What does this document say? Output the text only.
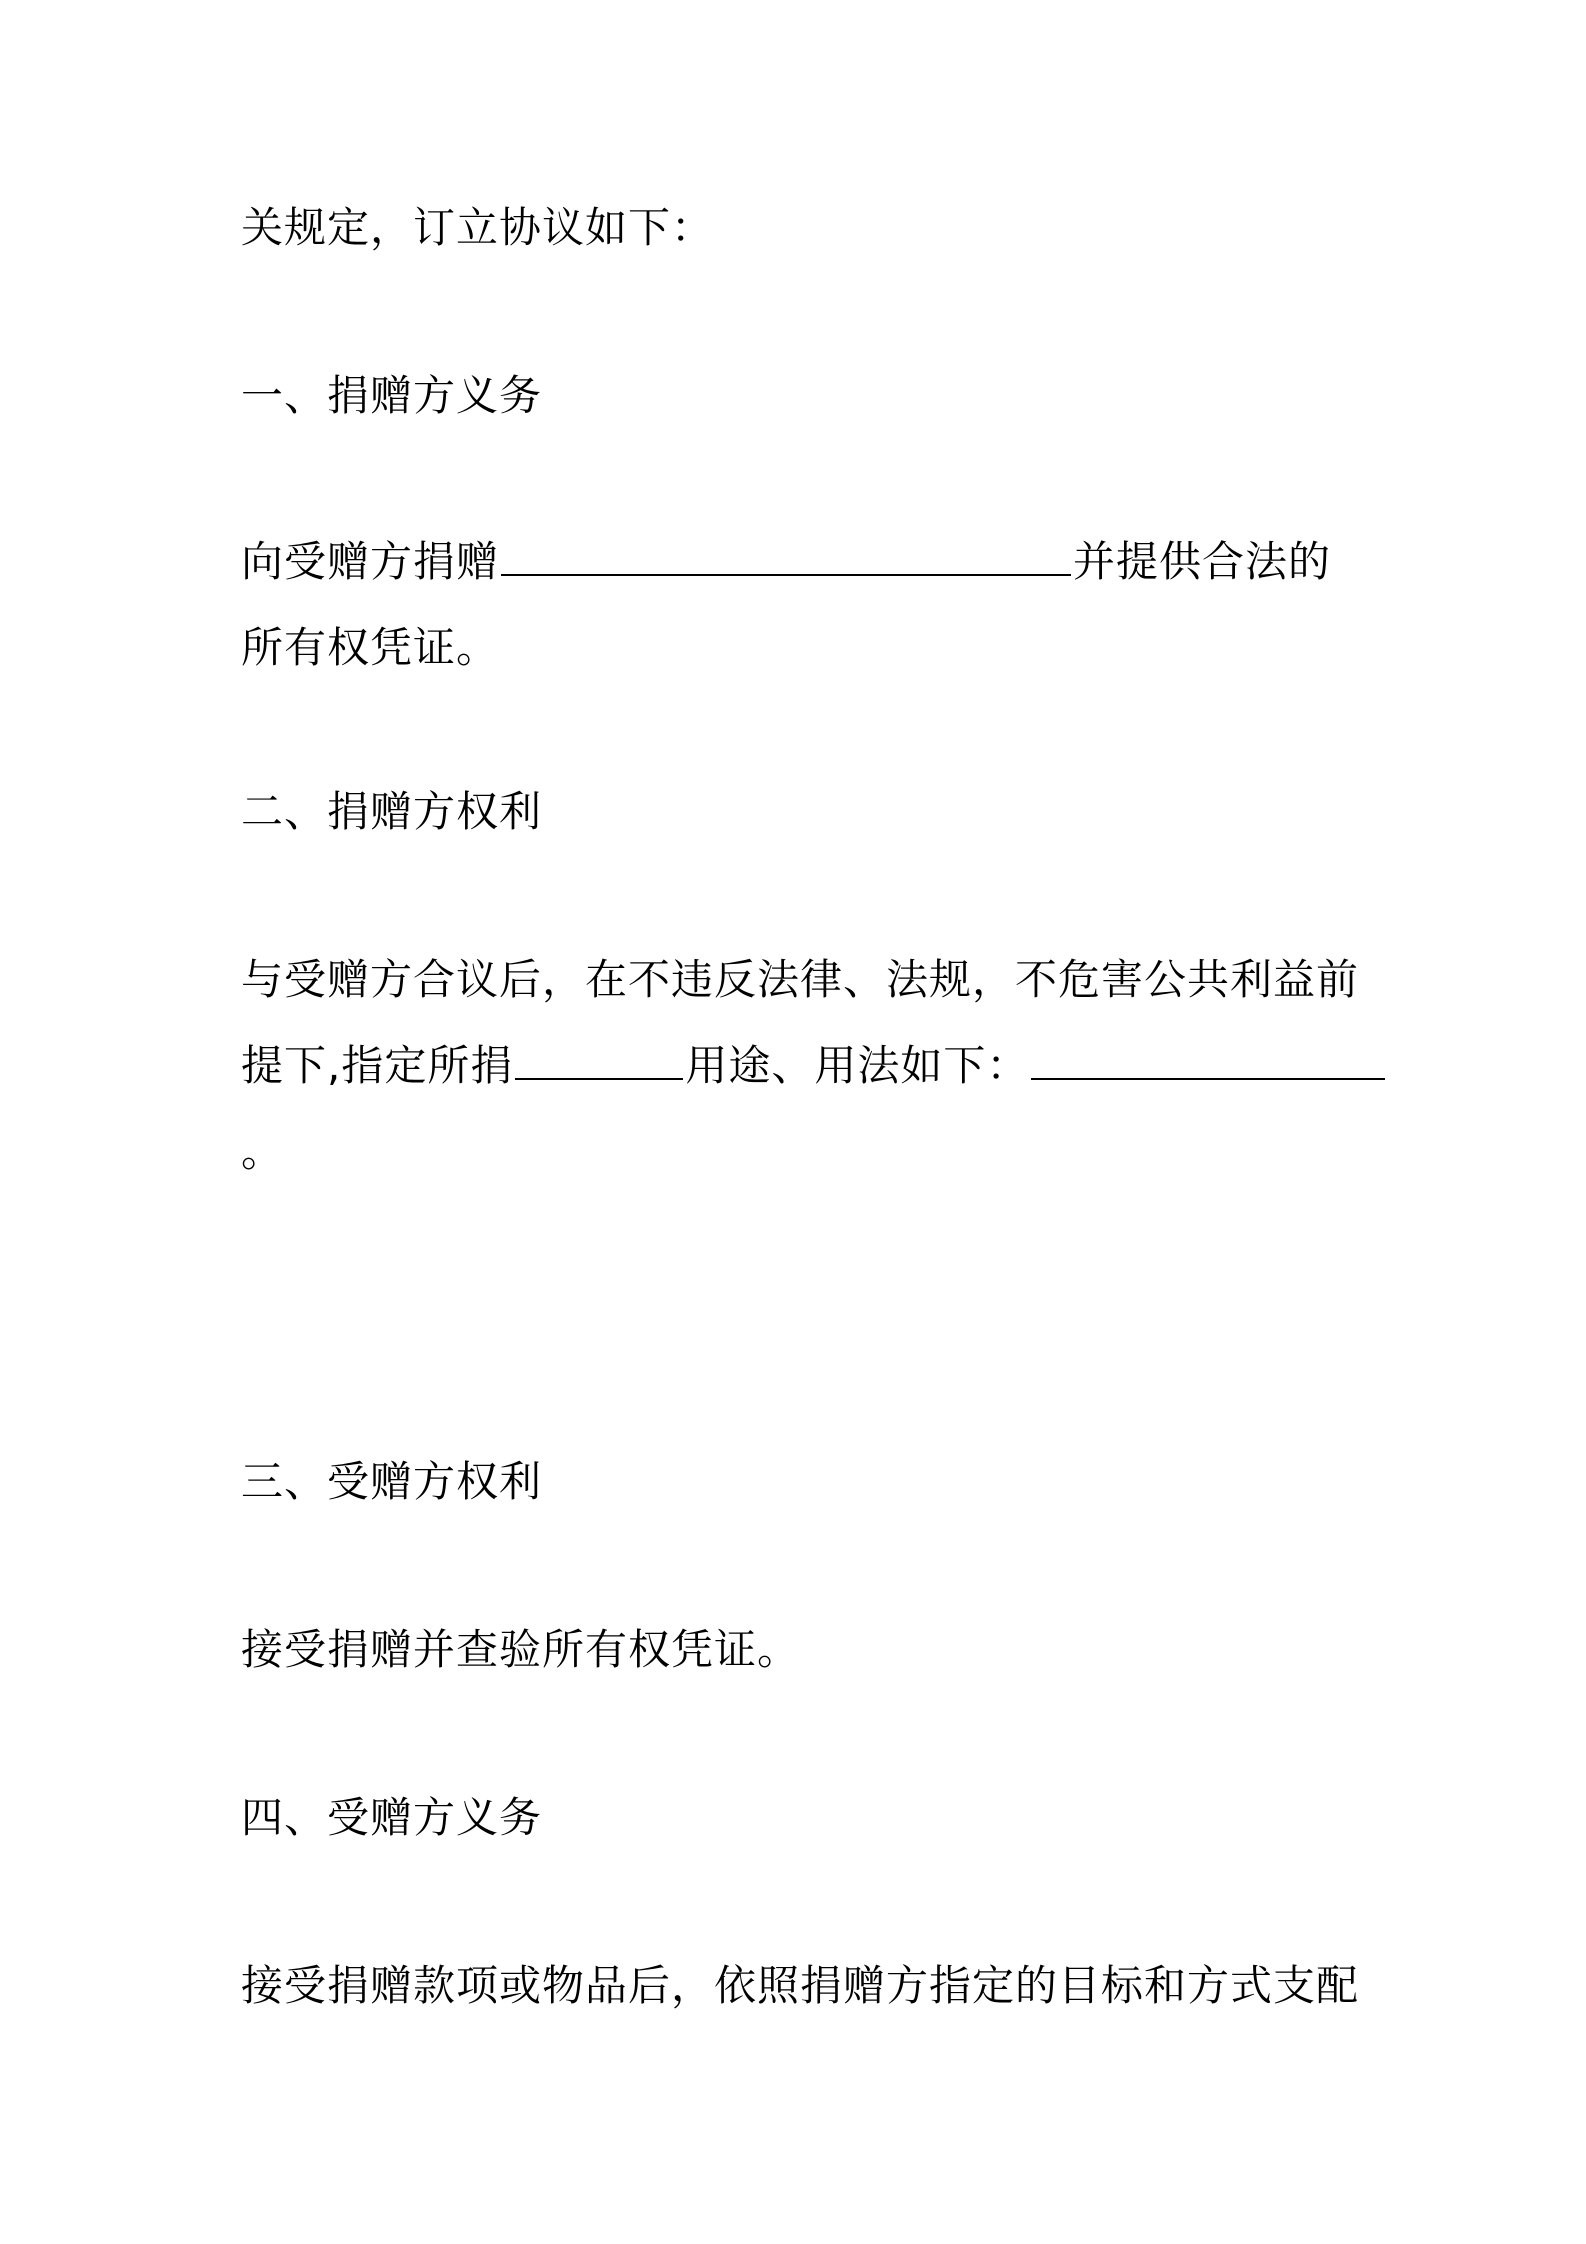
关规定，订立协议如下：

一、捐赠方义务

向受赠方捐赠	并提供合法的

所有权凭证。

二、捐赠方权利

与受赠方合议后，在不违反法律、法规，不危害公共利益前

提下,指定所捐	用途、用法如下：

。

三、受赠方权利

接受捐赠并查验所有权凭证。

四、受赠方义务

接受捐赠款项或物品后，依照捐赠方指定的目标和方式支配
